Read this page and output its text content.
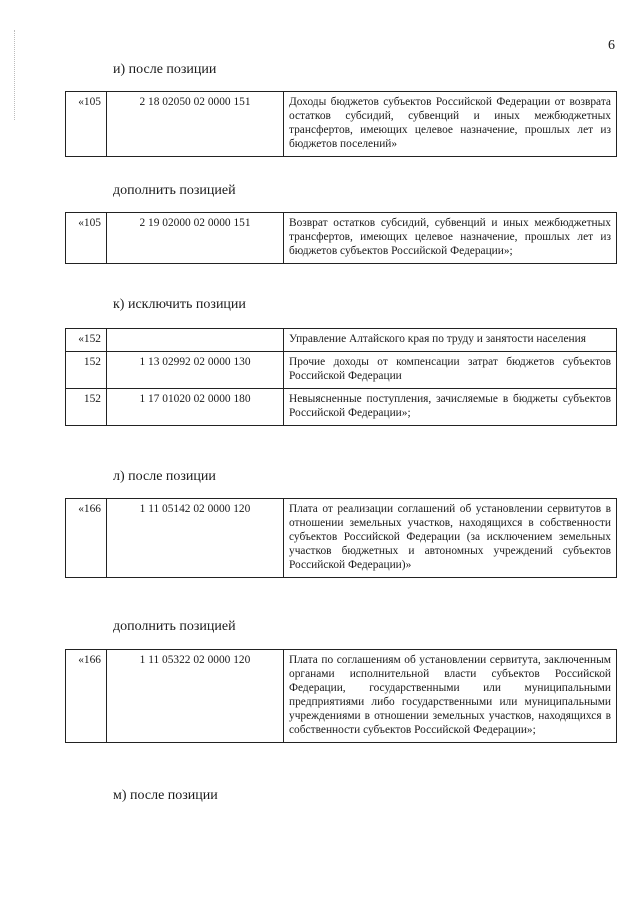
6
и) после позиции
«105	2 18 02050 02 0000 151	Доходы бюджетов субъектов Российской Федерации от возврата остатков субсидий, субвенций и иных межбюджетных трансфертов, имеющих целевое назначение, прошлых лет из бюджетов поселений»
дополнить позицией
«105	2 19 02000 02 0000 151	Возврат остатков субсидий, субвенций и иных межбюджетных трансфертов, имеющих целевое назначение, прошлых лет из бюджетов субъектов Российской Федерации»;
к) исключить позиции
«152		Управление Алтайского края по труду и занятости населения
152	1 13 02992 02 0000 130	Прочие доходы от компенсации затрат бюджетов субъектов Российской Федерации
152	1 17 01020 02 0000 180	Невыясненные поступления, зачисляемые в бюджеты субъектов Российской Федерации»;
л) после позиции
«166	1 11 05142 02 0000 120	Плата от реализации соглашений об установлении сервитутов в отношении земельных участков, находящихся в собственности субъектов Российской Федерации (за исключением земельных участков бюджетных и автономных учреждений субъектов Российской Федерации)»
дополнить позицией
«166	1 11 05322 02 0000 120	Плата по соглашениям об установлении сервитута, заключенным органами исполнительной власти субъектов Российской Федерации, государственными или муниципальными предприятиями либо государственными или муниципальными учреждениями в отношении земельных участков, находящихся в собственности субъектов Российской Федерации»;
м) после позиции
